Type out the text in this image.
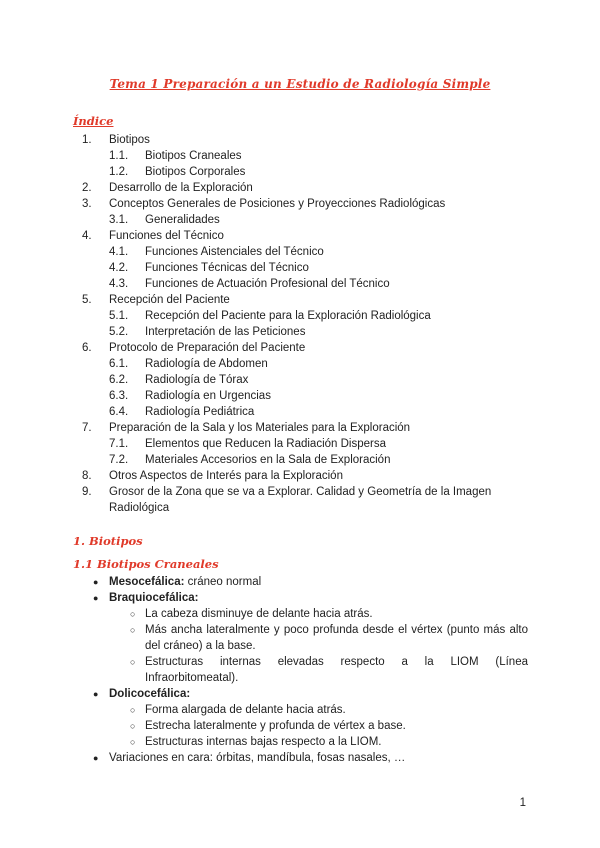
Tema 1 Preparación a un Estudio de Radiología Simple
Índice
1. Biotipos
1.1. Biotipos Craneales
1.2. Biotipos Corporales
2. Desarrollo de la Exploración
3. Conceptos Generales de Posiciones y Proyecciones Radiológicas
3.1. Generalidades
4. Funciones del Técnico
4.1. Funciones Aistenciales del Técnico
4.2. Funciones Técnicas del Técnico
4.3. Funciones de Actuación Profesional del Técnico
5. Recepción del Paciente
5.1. Recepción del Paciente para la Exploración Radiológica
5.2. Interpretación de las Peticiones
6. Protocolo de Preparación del Paciente
6.1. Radiología de Abdomen
6.2. Radiología de Tórax
6.3. Radiología en Urgencias
6.4. Radiología Pediátrica
7. Preparación de la Sala y los Materiales para la Exploración
7.1. Elementos que Reducen la Radiación Dispersa
7.2. Materiales Accesorios en la Sala de Exploración
8. Otros Aspectos de Interés para la Exploración
9. Grosor de la Zona que se va a Explorar. Calidad y Geometría de la Imagen
Radiológica
1. Biotipos
1.1 Biotipos Craneales
● Mesocefálica: cráneo normal
● Braquiocefálica:
○ La cabeza disminuye de delante hacia atrás.
○ Más ancha lateralmente y poco profunda desde el vértex (punto más alto del cráneo) a la base.
○ Estructuras internas elevadas respecto a la LIOM (Línea Infraorbitomeatal).
● Dolicocefálica:
○ Forma alargada de delante hacia atrás.
○ Estrecha lateralmente y profunda de vértex a base.
○ Estructuras internas bajas respecto a la LIOM.
● Variaciones en cara: órbitas, mandíbula, fosas nasales, …
1
